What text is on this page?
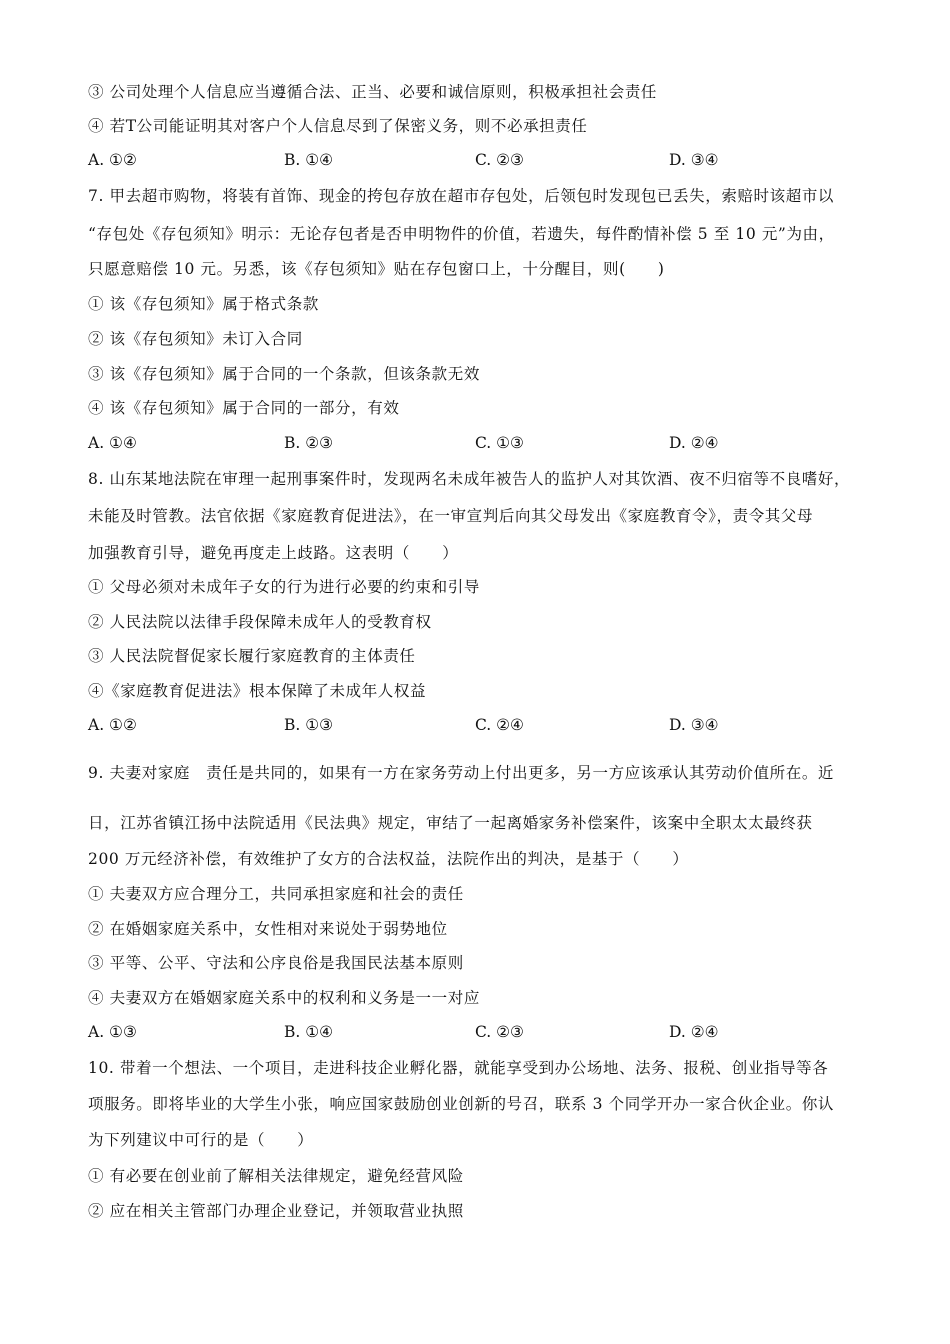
③ 公司处理个人信息应当遵循合法、正当、必要和诚信原则，积极承担社会责任
④ 若T公司能证明其对客户个人信息尽到了保密义务，则不必承担责任
A. ①②	B. ①④	C. ②③	D. ③④
7. 甲去超市购物，将装有首饰、现金的挎包存放在超市存包处，后领包时发现包已丢失，索赔时该超市以
“存包处《存包须知》明示：无论存包者是否申明物件的价值，若遗失，每件酌情补偿 5 至 10 元”为由，
只愿意赔偿 10 元。另悉，该《存包须知》贴在存包窗口上，十分醒目，则(　　)
① 该《存包须知》属于格式条款
② 该《存包须知》未订入合同
③ 该《存包须知》属于合同的一个条款，但该条款无效
④ 该《存包须知》属于合同的一部分，有效
A. ①④	B. ②③	C. ①③	D. ②④
8. 山东某地法院在审理一起刑事案件时，发现两名未成年被告人的监护人对其饮酒、夜不归宿等不良嗜好，
未能及时管教。法官依据《家庭教育促进法》，在一审宣判后向其父母发出《家庭教育令》，责令其父母
加强教育引导，避免再度走上歧路。这表明（　　）
① 父母必须对未成年子女的行为进行必要的约束和引导
② 人民法院以法律手段保障未成年人的受教育权
③ 人民法院督促家长履行家庭教育的主体责任
④《家庭教育促进法》根本保障了未成年人权益
A. ①②	B. ①③	C. ②④	D. ③④
9. 夫妻对家庭　责任是共同的，如果有一方在家务劳动上付出更多，另一方应该承认其劳动价值所在。近
日，江苏省镇江扬中法院适用《民法典》规定，审结了一起离婚家务补偿案件，该案中全职太太最终获
200 万元经济补偿，有效维护了女方的合法权益，法院作出的判决，是基于（　　）
① 夫妻双方应合理分工，共同承担家庭和社会的责任
② 在婚姻家庭关系中，女性相对来说处于弱势地位
③ 平等、公平、守法和公序良俗是我国民法基本原则
④ 夫妻双方在婚姻家庭关系中的权利和义务是一一对应
A. ①③	B. ①④	C. ②③	D. ②④
10. 带着一个想法、一个项目，走进科技企业孵化器，就能享受到办公场地、法务、报税、创业指导等各
项服务。即将毕业的大学生小张，响应国家鼓励创业创新的号召，联系 3 个同学开办一家合伙企业。你认
为下列建议中可行的是（　　）
① 有必要在创业前了解相关法律规定，避免经营风险
② 应在相关主管部门办理企业登记，并领取营业执照
